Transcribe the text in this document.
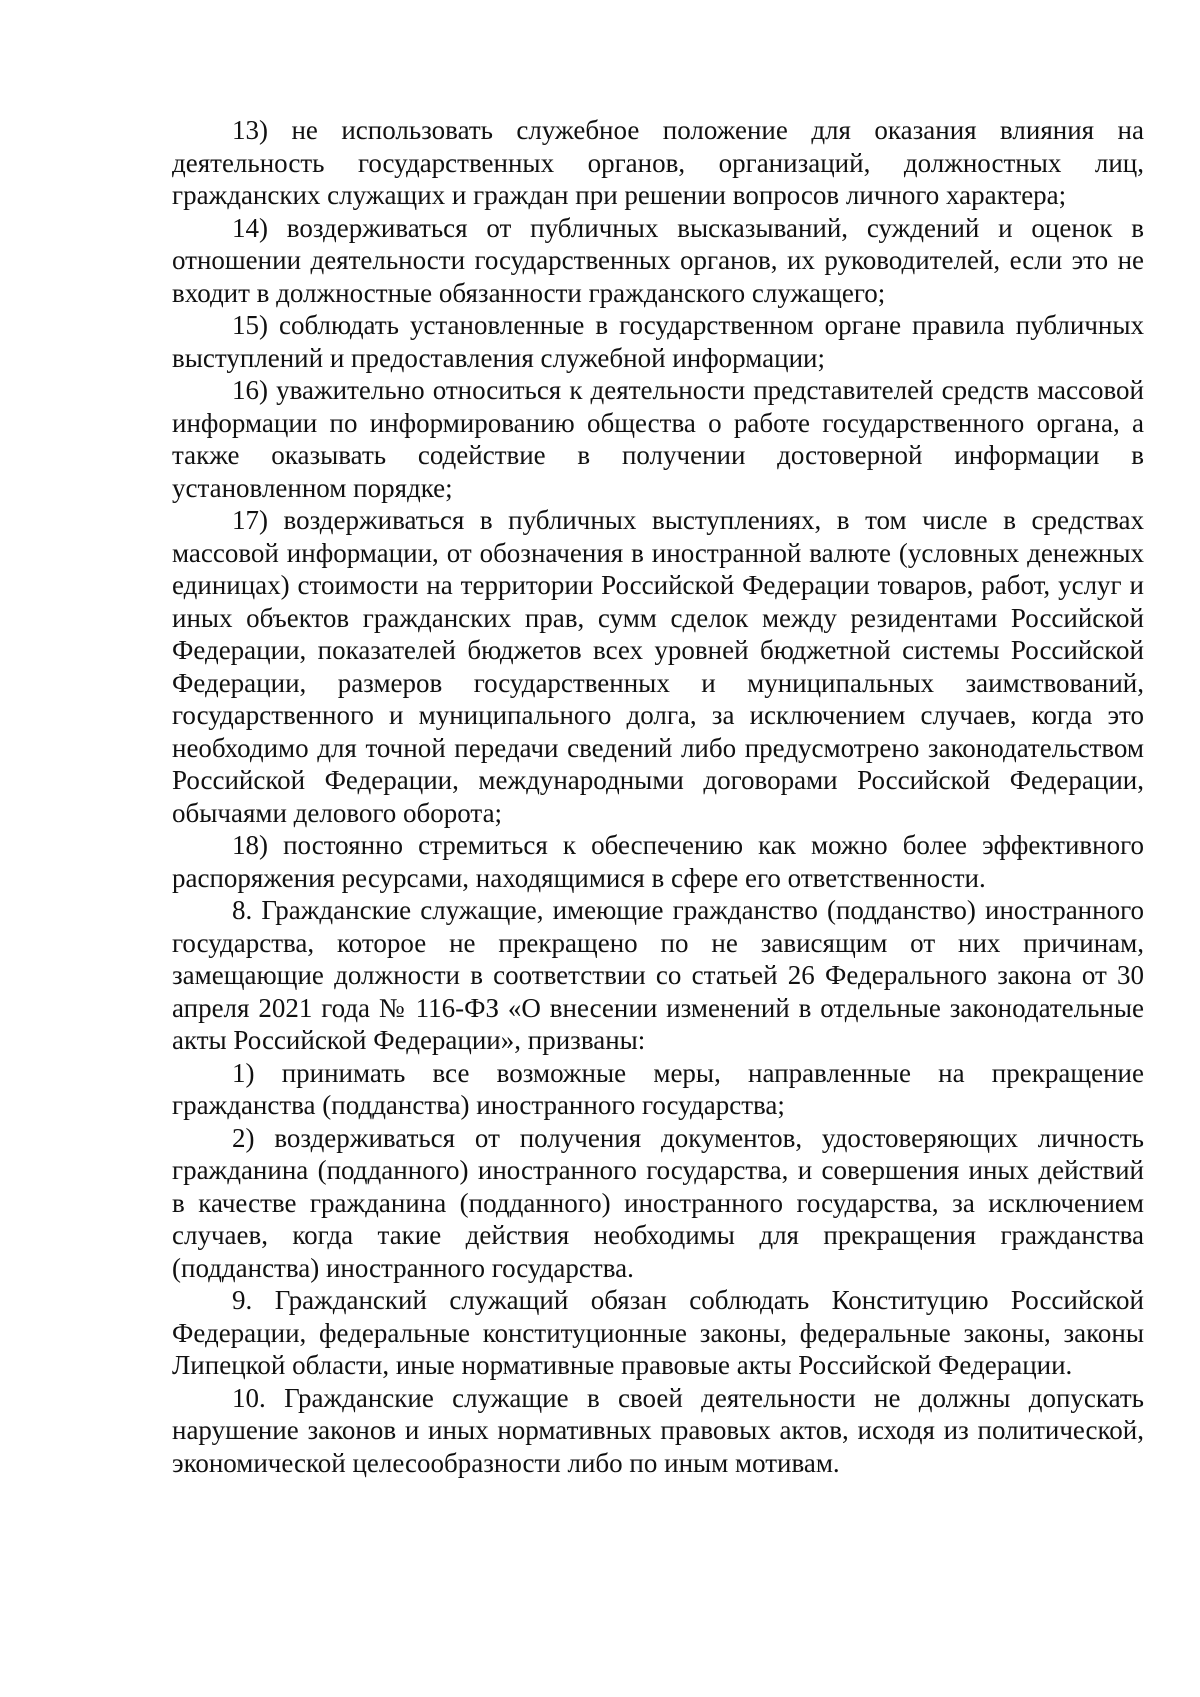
13) не использовать служебное положение для оказания влияния на деятельность государственных органов, организаций, должностных лиц, гражданских служащих и граждан при решении вопросов личного характера;

14) воздерживаться от публичных высказываний, суждений и оценок в отношении деятельности государственных органов, их руководителей, если это не входит в должностные обязанности гражданского служащего;

15) соблюдать установленные в государственном органе правила публичных выступлений и предоставления служебной информации;

16) уважительно относиться к деятельности представителей средств массовой информации по информированию общества о работе государственного органа, а также оказывать содействие в получении достоверной информации в установленном порядке;

17) воздерживаться в публичных выступлениях, в том числе в средствах массовой информации, от обозначения в иностранной валюте (условных денежных единицах) стоимости на территории Российской Федерации товаров, работ, услуг и иных объектов гражданских прав, сумм сделок между резидентами Российской Федерации, показателей бюджетов всех уровней бюджетной системы Российской Федерации, размеров государственных и муниципальных заимствований, государственного и муниципального долга, за исключением случаев, когда это необходимо для точной передачи сведений либо предусмотрено законодательством Российской Федерации, международными договорами Российской Федерации, обычаями делового оборота;

18) постоянно стремиться к обеспечению как можно более эффективного распоряжения ресурсами, находящимися в сфере его ответственности.

8. Гражданские служащие, имеющие гражданство (подданство) иностранного государства, которое не прекращено по не зависящим от них причинам, замещающие должности в соответствии со статьей 26 Федерального закона от 30 апреля 2021 года № 116-ФЗ «О внесении изменений в отдельные законодательные акты Российской Федерации», призваны:

1) принимать все возможные меры, направленные на прекращение гражданства (подданства) иностранного государства;

2) воздерживаться от получения документов, удостоверяющих личность гражданина (подданного) иностранного государства, и совершения иных действий в качестве гражданина (подданного) иностранного государства, за исключением случаев, когда такие действия необходимы для прекращения гражданства (подданства) иностранного государства.

9. Гражданский служащий обязан соблюдать Конституцию Российской Федерации, федеральные конституционные законы, федеральные законы, законы Липецкой области, иные нормативные правовые акты Российской Федерации.

10. Гражданские служащие в своей деятельности не должны допускать нарушение законов и иных нормативных правовых актов, исходя из политической, экономической целесообразности либо по иным мотивам.
